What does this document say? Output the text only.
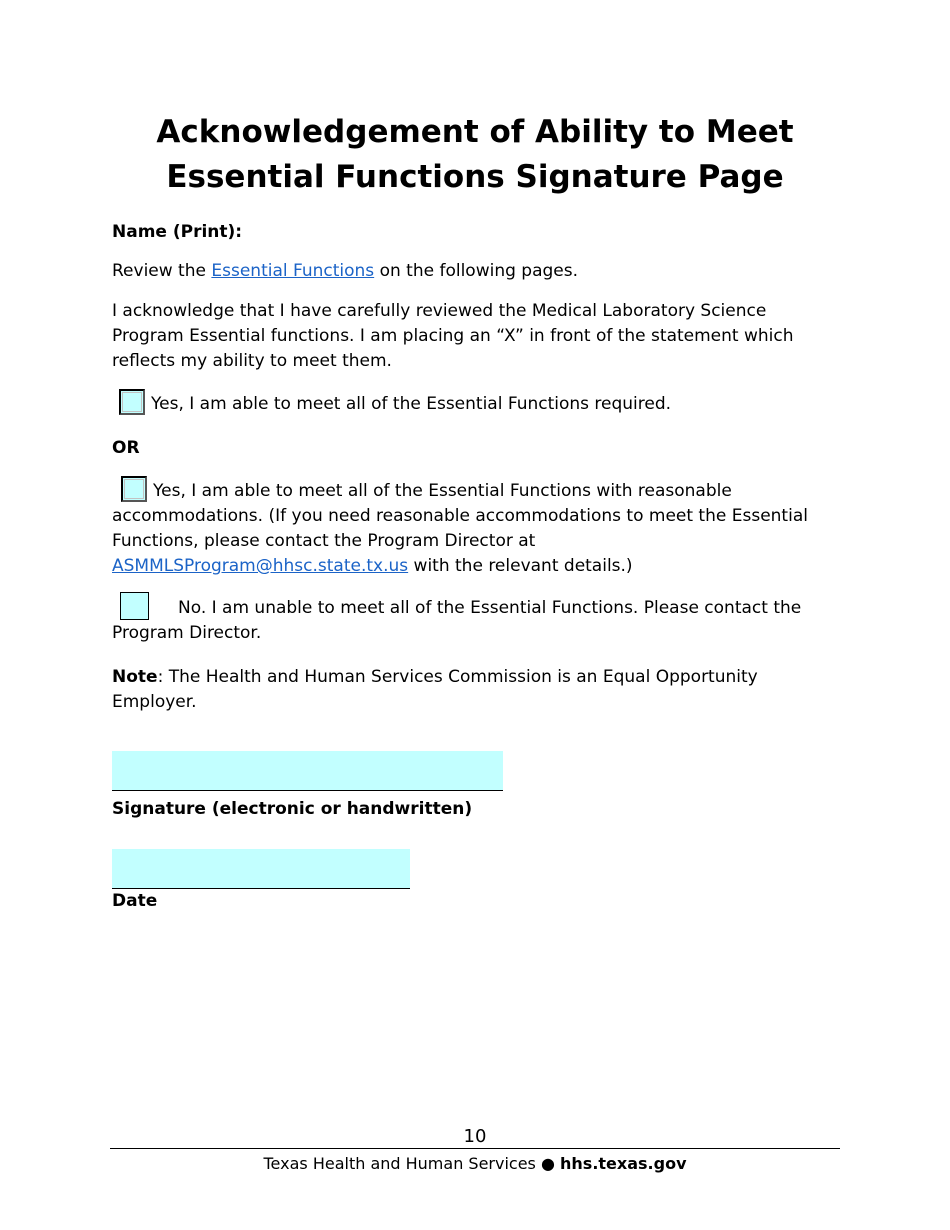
Acknowledgement of Ability to Meet
Essential Functions Signature Page

Name (Print):

Review the Essential Functions on the following pages.

I acknowledge that I have carefully reviewed the Medical Laboratory Science Program Essential functions. I am placing an “X” in front of the statement which reflects my ability to meet them.

Yes, I am able to meet all of the Essential Functions required.

OR

Yes, I am able to meet all of the Essential Functions with reasonable accommodations. (If you need reasonable accommodations to meet the Essential Functions, please contact the Program Director at ASMMLSProgram@hhsc.state.tx.us with the relevant details.)

No. I am unable to meet all of the Essential Functions. Please contact the Program Director.

Note: The Health and Human Services Commission is an Equal Opportunity Employer.

Signature (electronic or handwritten)

Date

10
Texas Health and Human Services ● hhs.texas.gov
